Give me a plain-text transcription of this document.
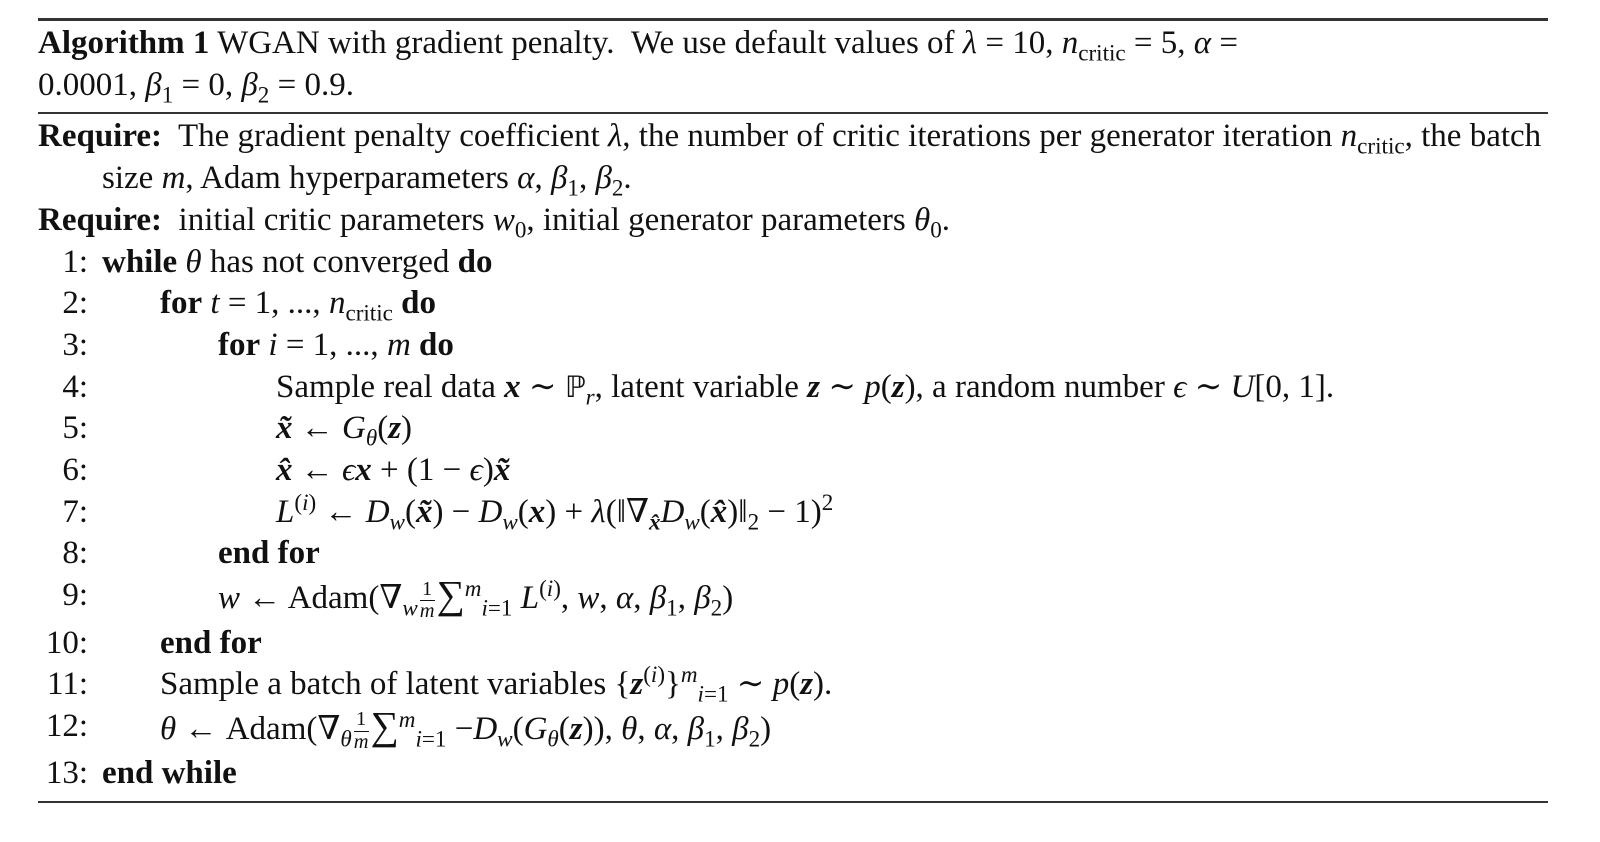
Algorithm 1 WGAN with gradient penalty.  We use default values of λ = 10, $n_{critic} = 5$, α =
0.0001, $\beta_1 = 0$, $\beta_2 = 0.9$.
Require:  The gradient penalty coefficient λ, the number of critic iterations per generator iteration $n_{critic}$, the batch size m, Adam hyperparameters α, $\beta_1$, $\beta_2$.
Require:  initial critic parameters $w_0$, initial generator parameters $\theta_0$.
1: while θ has not converged do
2:	for t = 1, ..., $n_{critic}$ do
3:	for i = 1, ..., m do
4:	Sample real data x ∼ ℙ$_r$, latent variable z ∼ p(z), a random number ϵ ∼ U[0, 1].
5:	x̃ ← $G_\theta(z)$
6:	x̂ ← ϵx + (1 − ϵ)x̃
7:	$L^{(i)}$ ← $D_w(x̃) - D_w(x)$ + $\lambda(‖\nabla_{x̂}D_w(x̂)‖_2 - 1)^2$
8:	end for
9:	w ← $Adam(\nabla_w \frac{1}{m} \sum^m_{i=1}$ $L^{(i)}$, w, α, $\beta_1$, $\beta_2$)
10:	end for
11:	Sample a batch of latent variables $\{z^{(i)}\}^m_{i=1}$ ∼ p(z).
12:	θ ← $Adam(\nabla_\theta \frac{1}{m} \sum^m_{i=1} -D_w(G_\theta(z))$, θ, α, $\beta_1$, $\beta_2$)
13: end while
